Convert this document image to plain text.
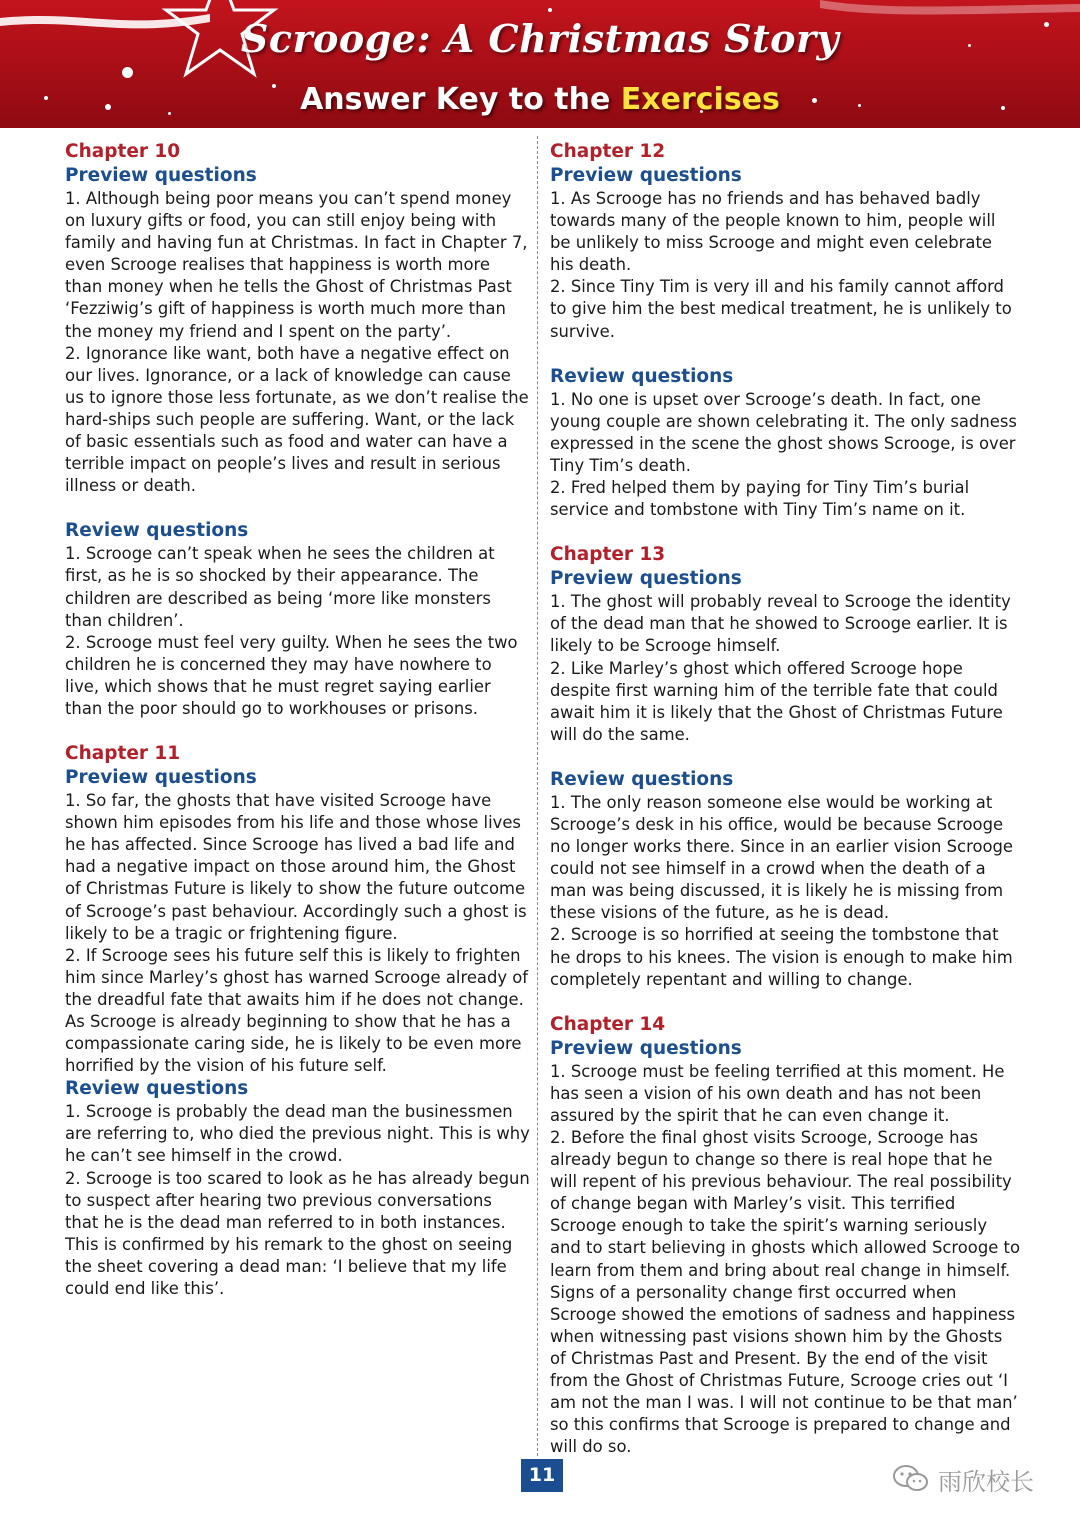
Scrooge: A Christmas Story
Answer Key to the Exercises
Chapter 10
Preview questions

1. Although being poor means you can’t spend money on luxury gifts or food, you can still enjoy being with family and having fun at Christmas. In fact in Chapter 7, even Scrooge realises that happiness is worth more than money when he tells the Ghost of Christmas Past ‘Fezziwig’s gift of happiness is worth much more than the money my friend and I spent on the party’.

2. Ignorance like want, both have a negative effect on our lives. Ignorance, or a lack of knowledge can cause us to ignore those less fortunate, as we don’t realise the hard-ships such people are suffering. Want, or the lack of basic essentials such as food and water can have a terrible impact on people’s lives and result in serious illness or death.

Review questions

1. Scrooge can’t speak when he sees the children at first, as he is so shocked by their appearance. The children are described as being ‘more like monsters than children’.

2. Scrooge must feel very guilty. When he sees the two children he is concerned they may have nowhere to live, which shows that he must regret saying earlier than the poor should go to workhouses or prisons.

Chapter 11
Preview questions

1. So far, the ghosts that have visited Scrooge have shown him episodes from his life and those whose lives he has affected. Since Scrooge has lived a bad life and had a negative impact on those around him, the Ghost of Christmas Future is likely to show the future outcome of Scrooge’s past behaviour. Accordingly such a ghost is likely to be a tragic or frightening figure.

2. If Scrooge sees his future self this is likely to frighten him since Marley’s ghost has warned Scrooge already of the dreadful fate that awaits him if he does not change. As Scrooge is already beginning to show that he has a compassionate caring side, he is likely to be even more horrified by the vision of his future self.

Review questions

1. Scrooge is probably the dead man the businessmen are referring to, who died the previous night. This is why he can’t see himself in the crowd.

2. Scrooge is too scared to look as he has already begun to suspect after hearing two previous conversations that he is the dead man referred to in both instances. This is confirmed by his remark to the ghost on seeing the sheet covering a dead man: ‘I believe that my life could end like this’.

Chapter 12
Preview questions

1. As Scrooge has no friends and has behaved badly towards many of the people known to him, people will be unlikely to miss Scrooge and might even celebrate his death.

2. Since Tiny Tim is very ill and his family cannot afford to give him the best medical treatment, he is unlikely to survive.

Review questions

1. No one is upset over Scrooge’s death. In fact, one young couple are shown celebrating it. The only sadness expressed in the scene the ghost shows Scrooge, is over Tiny Tim’s death.

2. Fred helped them by paying for Tiny Tim’s burial service and tombstone with Tiny Tim’s name on it.

Chapter 13
Preview questions

1. The ghost will probably reveal to Scrooge the identity of the dead man that he showed to Scrooge earlier. It is likely to be Scrooge himself.

2. Like Marley’s ghost which offered Scrooge hope despite first warning him of the terrible fate that could await him it is likely that the Ghost of Christmas Future will do the same.

Review questions

1. The only reason someone else would be working at Scrooge’s desk in his office, would be because Scrooge no longer works there. Since in an earlier vision Scrooge could not see himself in a crowd when the death of a man was being discussed, it is likely he is missing from these visions of the future, as he is dead.

2. Scrooge is so horrified at seeing the tombstone that he drops to his knees. The vision is enough to make him completely repentant and willing to change.

Chapter 14
Preview questions

1. Scrooge must be feeling terrified at this moment. He has seen a vision of his own death and has not been assured by the spirit that he can even change it.

2. Before the final ghost visits Scrooge, Scrooge has already begun to change so there is real hope that he will repent of his previous behaviour. The real possibility of change began with Marley’s visit. This terrified Scrooge enough to take the spirit’s warning seriously and to start believing in ghosts which allowed Scrooge to learn from them and bring about real change in himself. Signs of a personality change first occurred when Scrooge showed the emotions of sadness and happiness when witnessing past visions shown him by the Ghosts of Christmas Past and Present. By the end of the visit from the Ghost of Christmas Future, Scrooge cries out ‘I am not the man I was. I will not continue to be that man’ so this confirms that Scrooge is prepared to change and will do so.

11	雨欣校长
